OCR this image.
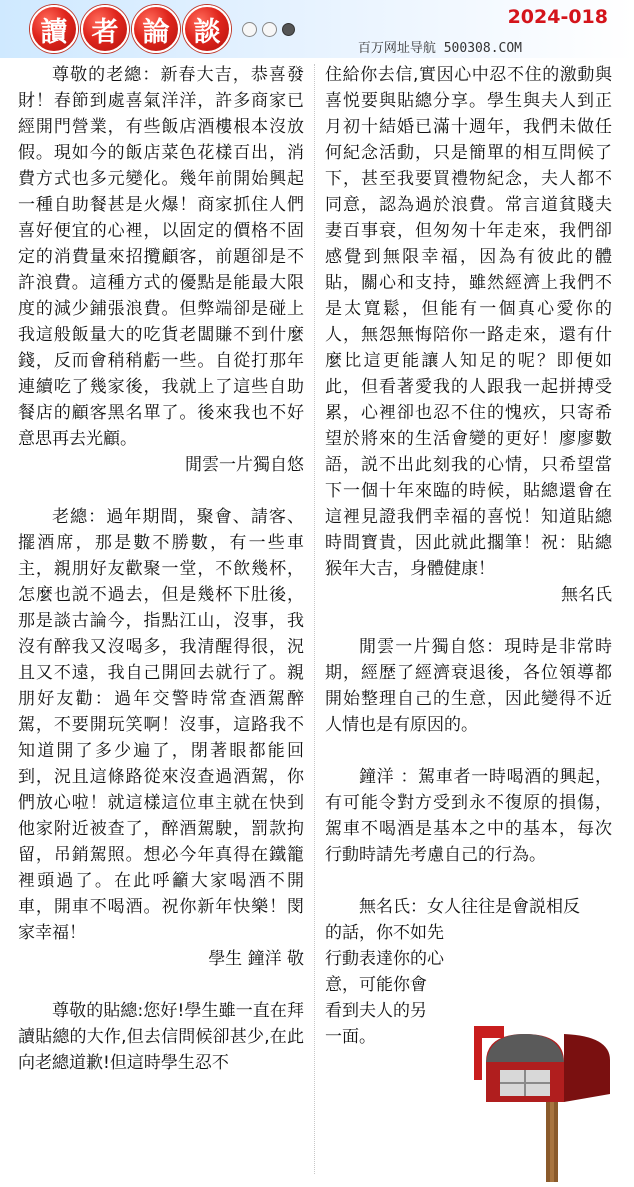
讀 者 論 談	2024-018
百万网址导航 500308.COM

尊敬的老總：新春大吉，恭喜發財！春節到處喜氣洋洋，許多商家已經開門營業，有些飯店酒樓根本沒放假。現如今的飯店菜色花樣百出，消費方式也多元變化。幾年前開始興起一種自助餐甚是火爆！商家抓住人們喜好便宜的心裡，以固定的價格不固定的消費量來招攬顧客，前題卻是不許浪費。這種方式的優點是能最大限度的減少鋪張浪費。但弊端卻是碰上我這般飯量大的吃貨老闆賺不到什麼錢，反而會稍稍虧一些。自從打那年連續吃了幾家後，我就上了這些自助餐店的顧客黑名單了。後來我也不好意思再去光顧。

閒雲一片獨自悠

老總：過年期間，聚會、請客、擺酒席，那是數不勝數，有一些車主，親朋好友歡聚一堂，不飲幾杯，怎麼也説不過去，但是幾杯下肚後，那是談古論今，指點江山，沒事，我沒有醉我又沒喝多，我清醒得很，況且又不遠，我自己開回去就行了。親朋好友勸：過年交警時常查酒駕醉駕，不要開玩笑啊！沒事，這路我不知道開了多少遍了，閉著眼都能回到，況且這條路從來沒查過酒駕，你們放心啦！就這樣這位車主就在快到他家附近被查了，醉酒駕駛，罰款拘留，吊銷駕照。想必今年真得在鐵籠裡頭過了。在此呼籲大家喝酒不開車，開車不喝酒。祝你新年快樂！閔家幸福！

學生 鐘洋 敬

尊敬的貼總:您好!學生雖一直在拜讀貼總的大作,但去信問候卻甚少,在此向老總道歉!但這時學生忍不

住給你去信,實因心中忍不住的激動與喜悦要與貼總分享。學生與夫人到正月初十結婚已滿十週年，我們未做任何紀念活動，只是簡單的相互問候了下，甚至我要買禮物紀念，夫人都不同意，認為過於浪費。常言道貧賤夫妻百事衰，但匆匆十年走來，我們卻感覺到無限幸福，因為有彼此的體貼，關心和支持，雖然經濟上我們不是太寬鬆，但能有一個真心愛你的人，無怨無悔陪你一路走來，還有什麼比這更能讓人知足的呢？即便如此，但看著愛我的人跟我一起拼搏受累，心裡卻也忍不住的愧疚，只寄希望於將來的生活會變的更好！廖廖數語，説不出此刻我的心情，只希望當下一個十年來臨的時候，貼總還會在這裡見證我們幸福的喜悦！知道貼總時間寶貴，因此就此擱筆！祝：貼總猴年大吉，身體健康！

無名氏

閒雲一片獨自悠：現時是非常時期，經歷了經濟衰退後，各位領導都開始整理自己的生意，因此變得不近人情也是有原因的。

鐘洋 ：駕車者一時喝酒的興起，有可能令對方受到永不復原的損傷，駕車不喝酒是基本之中的基本，每次行動時請先考慮自己的行為。

無名氏：女人往往是會説相反

的話，你不如先

行動表達你的心

意，可能你會

看到夫人的另

一面。
